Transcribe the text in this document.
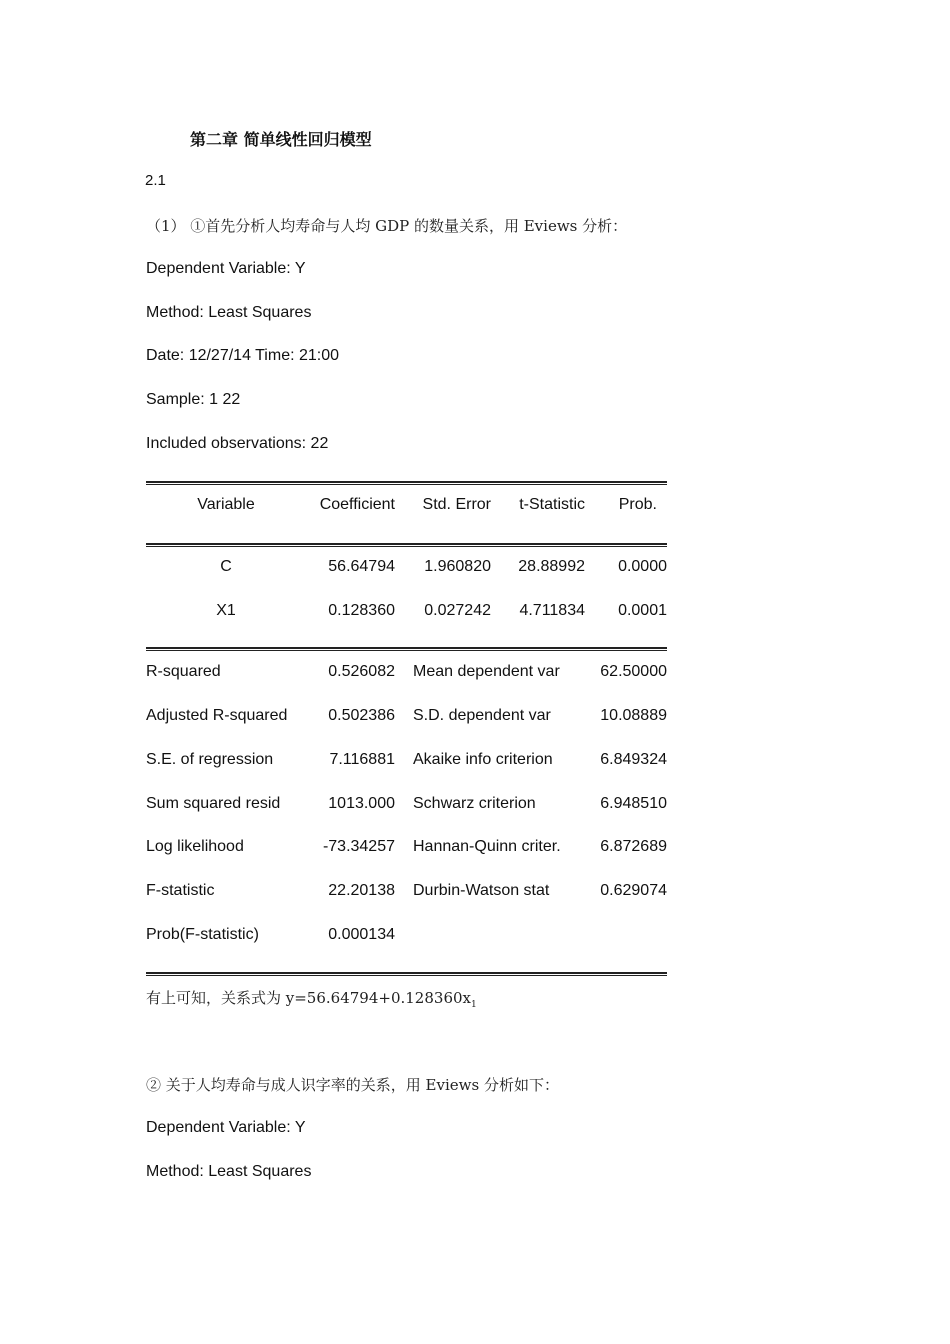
第二章 简单线性回归模型
2.1
（1） ①首先分析人均寿命与人均 GDP 的数量关系，用 Eviews 分析：
Dependent Variable: Y
Method: Least Squares
Date: 12/27/14 Time: 21:00
Sample: 1 22
Included observations: 22
Variable	Coefficient	Std. Error	t-Statistic	Prob.
C	56.64794	1.960820	28.88992	0.0000
X1	0.128360	0.027242	4.711834	0.0001
R-squared	0.526082 Mean dependent var	62.50000
Adjusted R-squared	0.502386 S.D. dependent var	10.08889
S.E. of regression	7.116881 Akaike info criterion	6.849324
Sum squared resid	1013.000 Schwarz criterion	6.948510
Log likelihood	-73.34257 Hannan-Quinn criter.	6.872689
F-statistic	22.20138 Durbin-Watson stat	0.629074
Prob(F-statistic)	0.000134
有上可知，关系式为 $y=56.64794+0.128360x_1$
② 关于人均寿命与成人识字率的关系，用 Eviews 分析如下：
Dependent Variable: Y
Method: Least Squares
